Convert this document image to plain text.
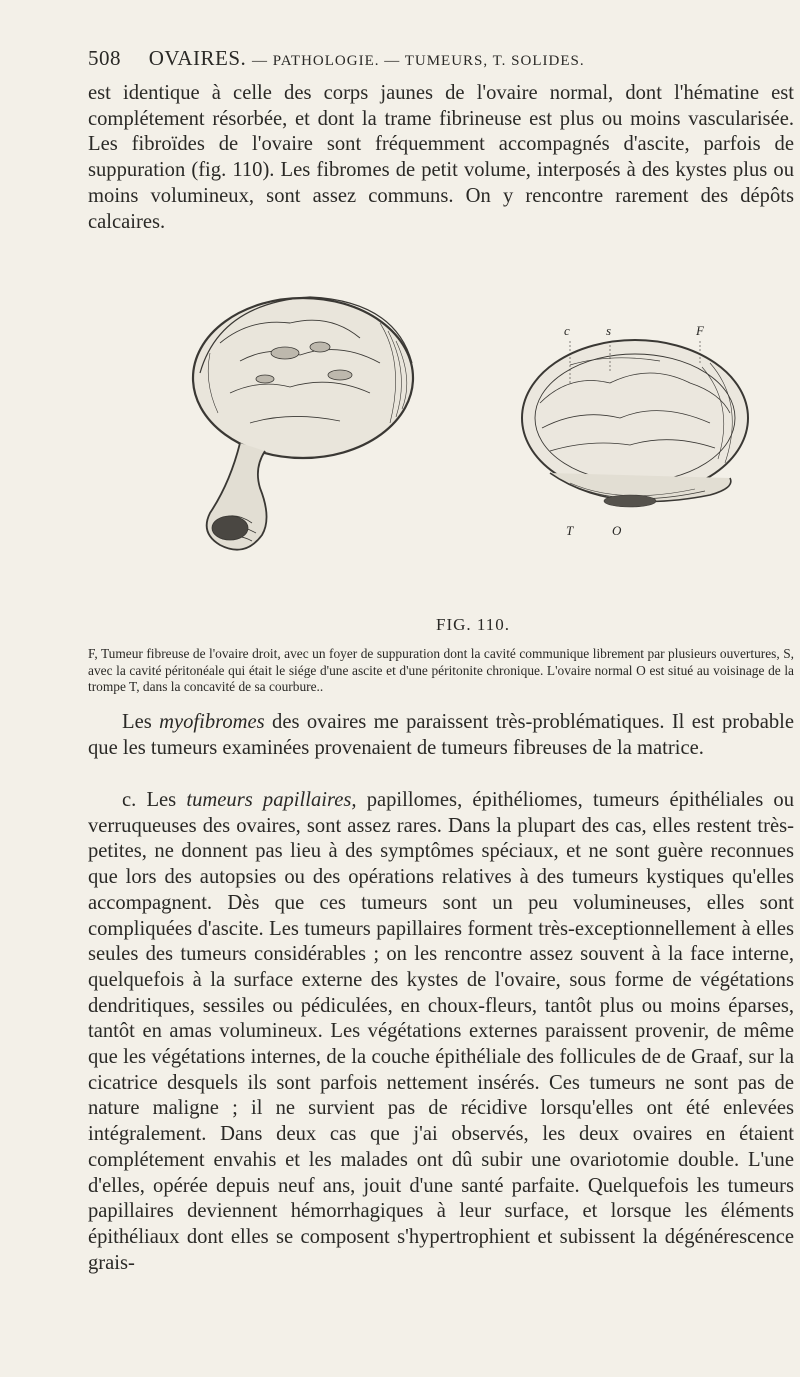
508 OVAIRES. — PATHOLOGIE. — TUMEURS, T. SOLIDES.

est identique à celle des corps jaunes de l'ovaire normal, dont l'hématine est complétement résorbée, et dont la trame fibrineuse est plus ou moins vascularisée. Les fibroïdes de l'ovaire sont fréquemment accompagnés d'ascite, parfois de suppuration (fig. 110). Les fibromes de petit volume, interposés à des kystes plus ou moins volumineux, sont assez communs. On y rencontre rarement des dépôts calcaires.

c	s	F
T	O
FIG. 110.

F, Tumeur fibreuse de l'ovaire droit, avec un foyer de suppuration dont la cavité communique librement par plusieurs ouvertures, S, avec la cavité péritonéale qui était le siége d'une ascite et d'une péritonite chronique. L'ovaire normal O est situé au voisinage de la trompe T, dans la concavité de sa courbure..

Les myofibromes des ovaires me paraissent très-problématiques. Il est probable que les tumeurs examinées provenaient de tumeurs fibreuses de la matrice.

c. Les tumeurs papillaires, papillomes, épithéliomes, tumeurs épithéliales ou verruqueuses des ovaires, sont assez rares. Dans la plupart des cas, elles restent très-petites, ne donnent pas lieu à des symptômes spéciaux, et ne sont guère reconnues que lors des autopsies ou des opérations relatives à des tumeurs kystiques qu'elles accompagnent. Dès que ces tumeurs sont un peu volumineuses, elles sont compliquées d'ascite. Les tumeurs papillaires forment très-exceptionnellement à elles seules des tumeurs considérables ; on les rencontre assez souvent à la face interne, quelquefois à la surface externe des kystes de l'ovaire, sous forme de végétations dendritiques, sessiles ou pédiculées, en choux-fleurs, tantôt plus ou moins éparses, tantôt en amas volumineux. Les végétations externes paraissent provenir, de même que les végétations internes, de la couche épithéliale des follicules de de Graaf, sur la cicatrice desquels ils sont parfois nettement insérés. Ces tumeurs ne sont pas de nature maligne ; il ne survient pas de récidive lorsqu'elles ont été enlevées intégralement. Dans deux cas que j'ai observés, les deux ovaires en étaient complétement envahis et les malades ont dû subir une ovariotomie double. L'une d'elles, opérée depuis neuf ans, jouit d'une santé parfaite. Quelquefois les tumeurs papillaires deviennent hémorrhagiques à leur surface, et lorsque les éléments épithéliaux dont elles se composent s'hypertrophient et subissent la dégénérescence grais-
